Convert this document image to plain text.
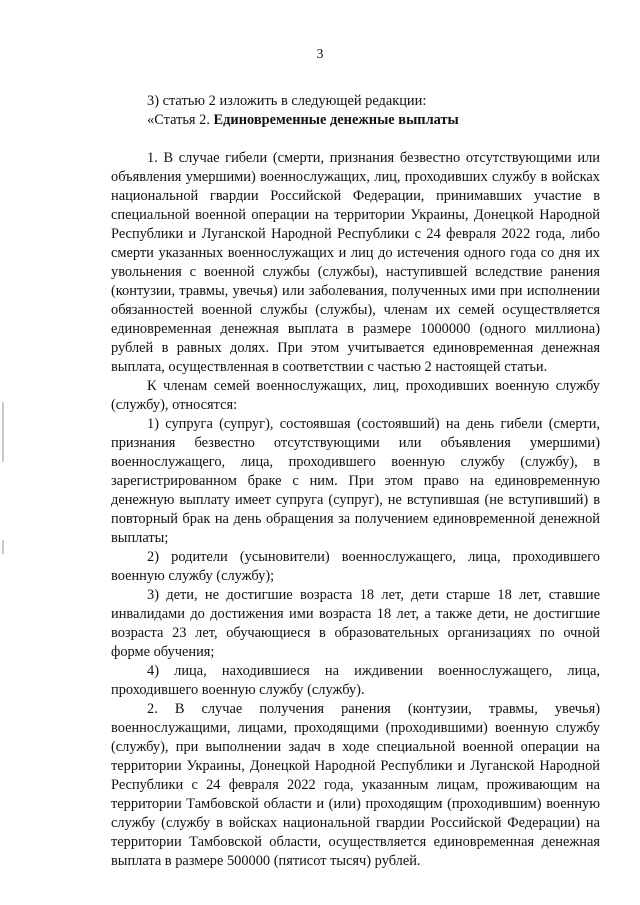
3

3) статью 2 изложить в следующей редакции:

«Статья 2. Единовременные денежные выплаты

1. В случае гибели (смерти, признания безвестно отсутствующими или объявления умершими) военнослужащих, лиц, проходивших службу в войсках национальной гвардии Российской Федерации, принимавших участие в специальной военной операции на территории Украины, Донецкой Народной Республики и Луганской Народной Республики с 24 февраля 2022 года, либо смерти указанных военнослужащих и лиц до истечения одного года со дня их увольнения с военной службы (службы), наступившей вследствие ранения (контузии, травмы, увечья) или заболевания, полученных ими при исполнении обязанностей военной службы (службы), членам их семей осуществляется единовременная денежная выплата в размере 1000000 (одного миллиона) рублей в равных долях. При этом учитывается единовременная денежная выплата, осуществленная в соответствии с частью 2 настоящей статьи.

К членам семей военнослужащих, лиц, проходивших военную службу (службу), относятся:

1) супруга (супруг), состоявшая (состоявший) на день гибели (смерти, признания безвестно отсутствующими или объявления умершими) военнослужащего, лица, проходившего военную службу (службу), в зарегистрированном браке с ним. При этом право на единовременную денежную выплату имеет супруга (супруг), не вступившая (не вступивший) в повторный брак на день обращения за получением единовременной денежной выплаты;

2) родители (усыновители) военнослужащего, лица, проходившего военную службу (службу);

3) дети, не достигшие возраста 18 лет, дети старше 18 лет, ставшие инвалидами до достижения ими возраста 18 лет, а также дети, не достигшие возраста 23 лет, обучающиеся в образовательных организациях по очной форме обучения;

4) лица, находившиеся на иждивении военнослужащего, лица, проходившего военную службу (службу).

2. В случае получения ранения (контузии, травмы, увечья) военнослужащими, лицами, проходящими (проходившими) военную службу (службу), при выполнении задач в ходе специальной военной операции на территории Украины, Донецкой Народной Республики и Луганской Народной Республики с 24 февраля 2022 года, указанным лицам, проживающим на территории Тамбовской области и (или) проходящим (проходившим) военную службу (службу в войсках национальной гвардии Российской Федерации) на территории Тамбовской области, осуществляется единовременная денежная выплата в размере 500000 (пятисот тысяч) рублей.
